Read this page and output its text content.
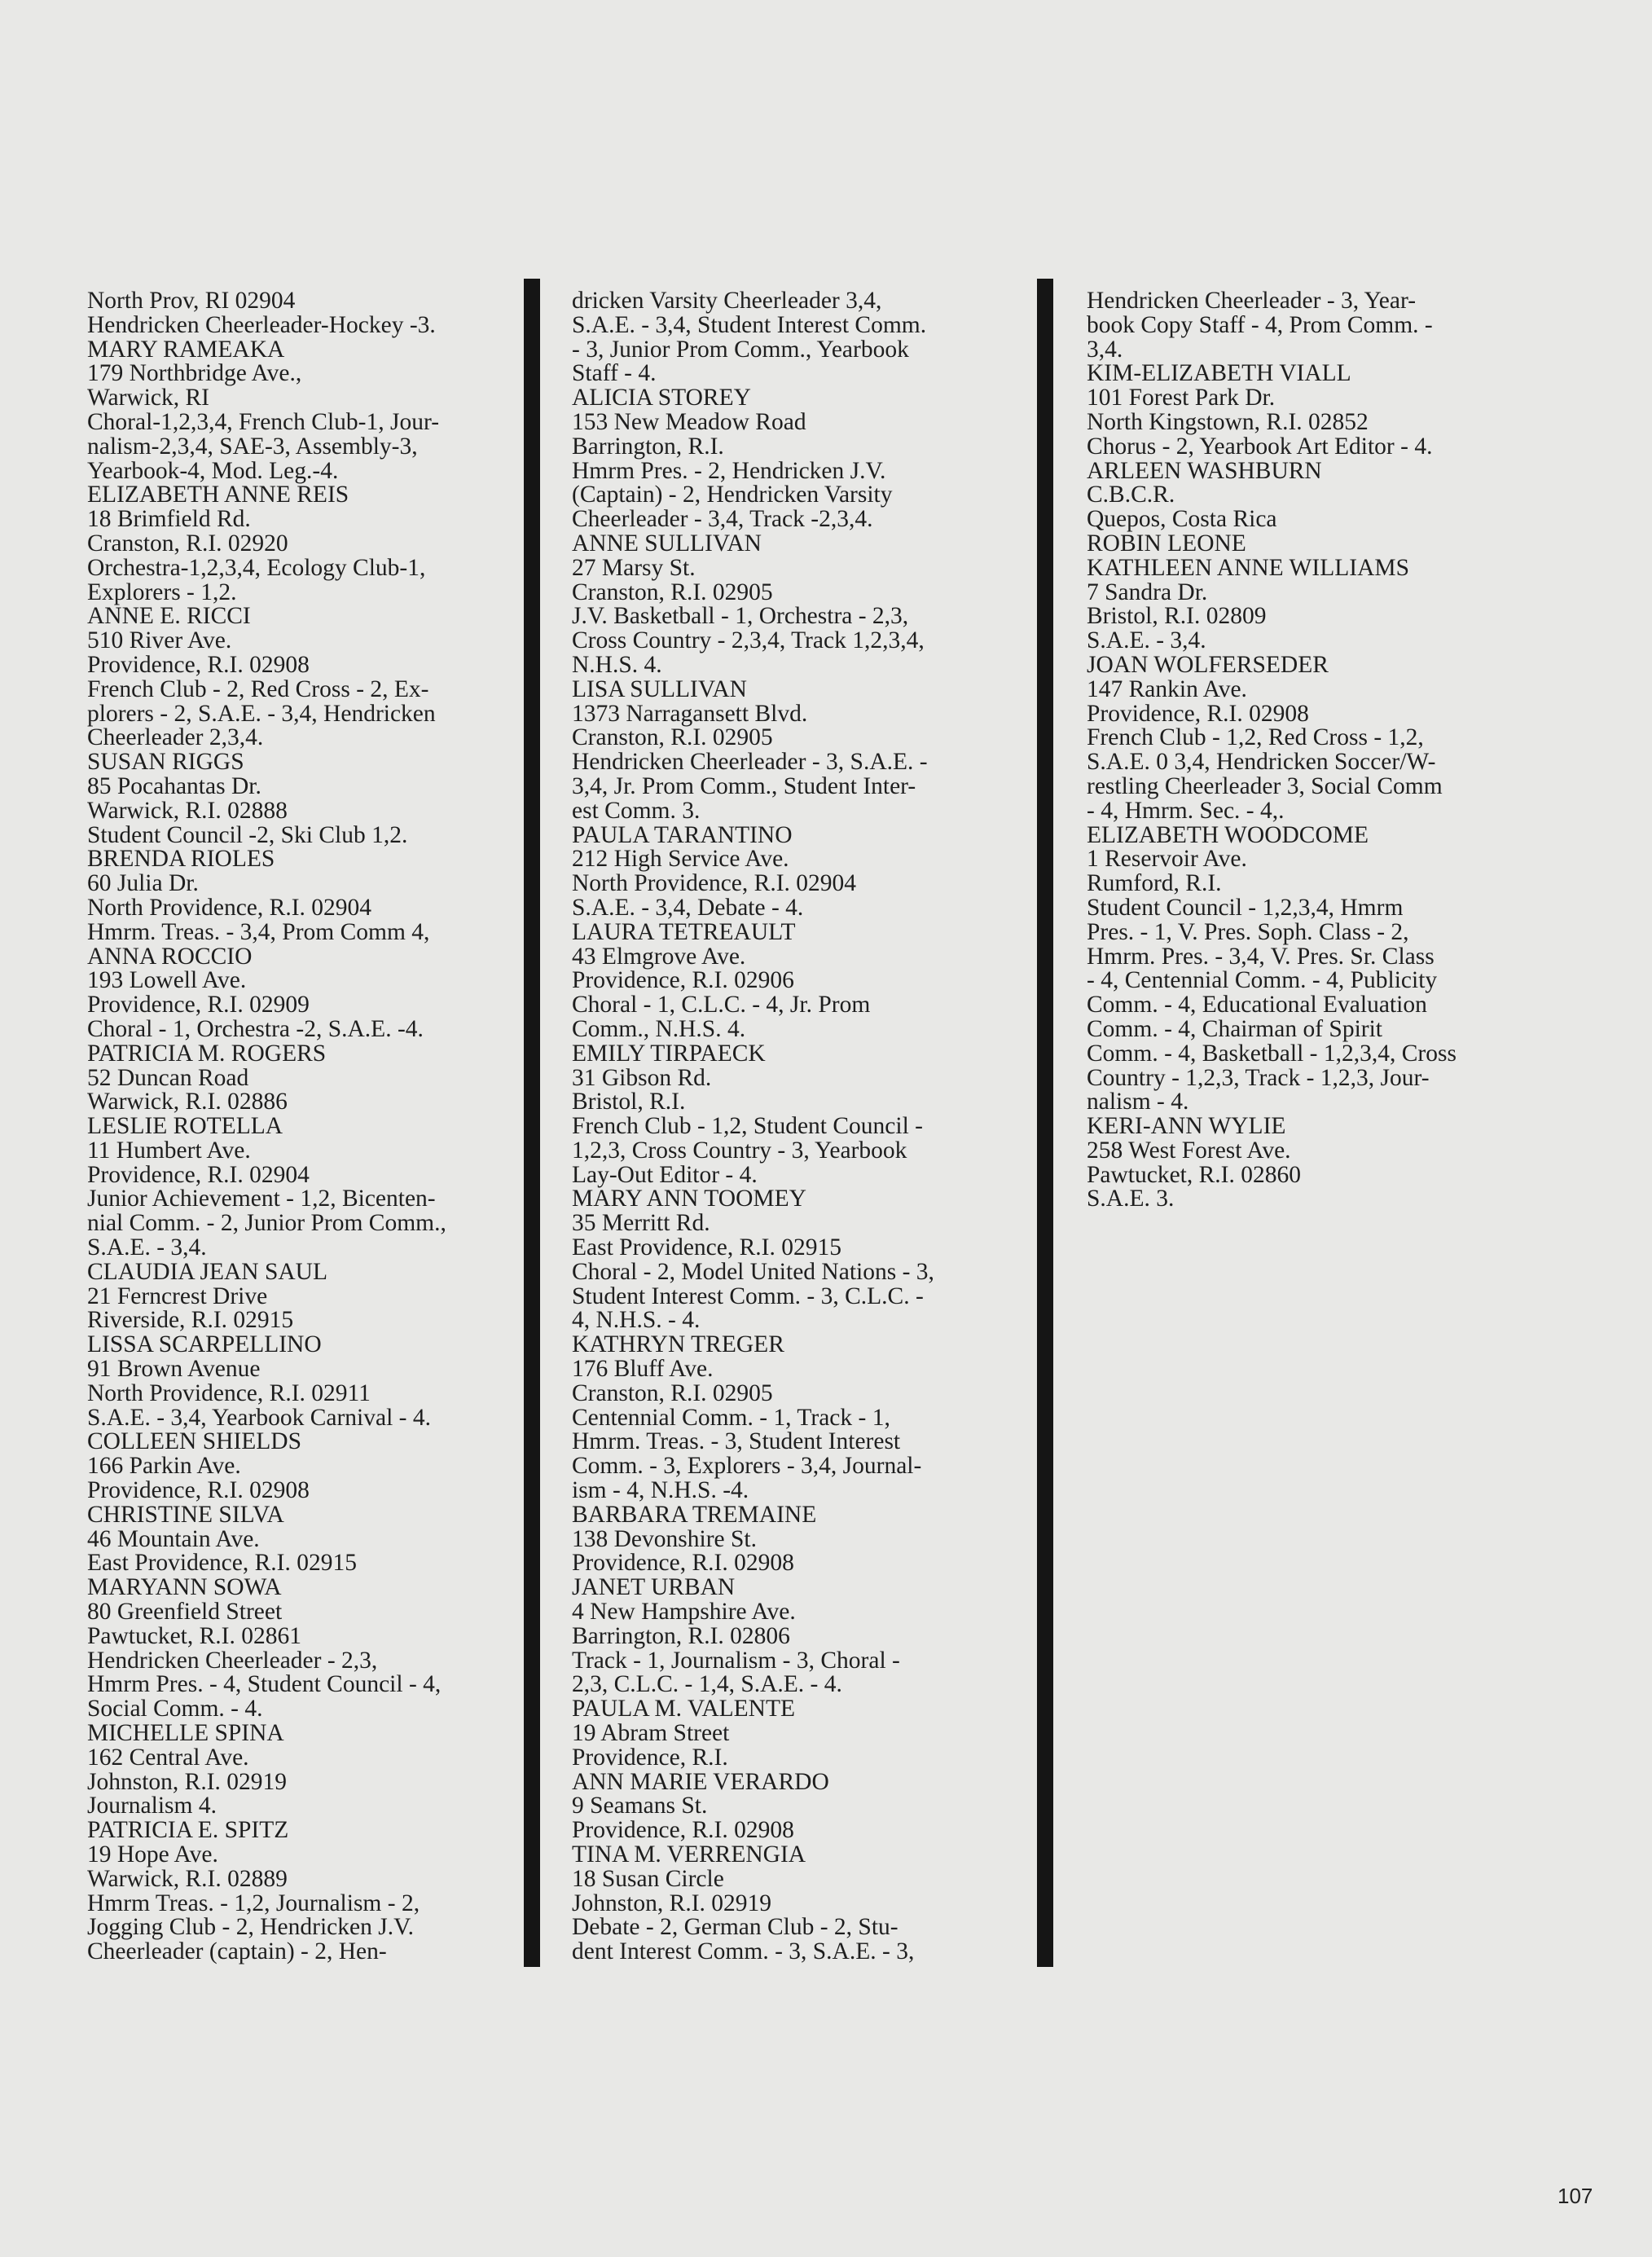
North Prov, RI 02904
Hendricken Cheerleader-Hockey -3.
MARY RAMEAKA
179 Northbridge Ave.,
Warwick, RI
Choral-1,2,3,4, French Club-1, Jour-
nalism-2,3,4, SAE-3, Assembly-3,
Yearbook-4, Mod. Leg.-4.
ELIZABETH ANNE REIS
18 Brimfield Rd.
Cranston, R.I. 02920
Orchestra-1,2,3,4, Ecology Club-1,
Explorers - 1,2.
ANNE E. RICCI
510 River Ave.
Providence, R.I. 02908
French Club - 2, Red Cross - 2, Ex-
plorers - 2, S.A.E. - 3,4, Hendricken
Cheerleader 2,3,4.
SUSAN RIGGS
85 Pocahantas Dr.
Warwick, R.I. 02888
Student Council -2, Ski Club 1,2.
BRENDA RIOLES
60 Julia Dr.
North Providence, R.I. 02904
Hmrm. Treas. - 3,4, Prom Comm 4,
ANNA ROCCIO
193 Lowell Ave.
Providence, R.I. 02909
Choral - 1, Orchestra -2, S.A.E. -4.
PATRICIA M. ROGERS
52 Duncan Road
Warwick, R.I. 02886
LESLIE ROTELLA
11 Humbert Ave.
Providence, R.I. 02904
Junior Achievement - 1,2, Bicenten-
nial Comm. - 2, Junior Prom Comm.,
S.A.E. - 3,4.
CLAUDIA JEAN SAUL
21 Ferncrest Drive
Riverside, R.I. 02915
LISSA SCARPELLINO
91 Brown Avenue
North Providence, R.I. 02911
S.A.E. - 3,4, Yearbook Carnival - 4.
COLLEEN SHIELDS
166 Parkin Ave.
Providence, R.I. 02908
CHRISTINE SILVA
46 Mountain Ave.
East Providence, R.I. 02915
MARYANN SOWA
80 Greenfield Street
Pawtucket, R.I. 02861
Hendricken Cheerleader - 2,3,
Hmrm Pres. - 4, Student Council - 4,
Social Comm. - 4.
MICHELLE SPINA
162 Central Ave.
Johnston, R.I. 02919
Journalism 4.
PATRICIA E. SPITZ
19 Hope Ave.
Warwick, R.I. 02889
Hmrm Treas. - 1,2, Journalism - 2,
Jogging Club - 2, Hendricken J.V.
Cheerleader (captain) - 2, Hen-
dricken Varsity Cheerleader 3,4,
S.A.E. - 3,4, Student Interest Comm.
- 3, Junior Prom Comm., Yearbook
Staff - 4.
ALICIA STOREY
153 New Meadow Road
Barrington, R.I.
Hmrm Pres. - 2, Hendricken J.V.
(Captain) - 2, Hendricken Varsity
Cheerleader - 3,4, Track -2,3,4.
ANNE SULLIVAN
27 Marsy St.
Cranston, R.I. 02905
J.V. Basketball - 1, Orchestra - 2,3,
Cross Country - 2,3,4, Track 1,2,3,4,
N.H.S. 4.
LISA SULLIVAN
1373 Narragansett Blvd.
Cranston, R.I. 02905
Hendricken Cheerleader - 3, S.A.E. -
3,4, Jr. Prom Comm., Student Inter-
est Comm. 3.
PAULA TARANTINO
212 High Service Ave.
North Providence, R.I. 02904
S.A.E. - 3,4, Debate - 4.
LAURA TETREAULT
43 Elmgrove Ave.
Providence, R.I. 02906
Choral - 1, C.L.C. - 4, Jr. Prom
Comm., N.H.S. 4.
EMILY TIRPAECK
31 Gibson Rd.
Bristol, R.I.
French Club - 1,2, Student Council -
1,2,3, Cross Country - 3, Yearbook
Lay-Out Editor - 4.
MARY ANN TOOMEY
35 Merritt Rd.
East Providence, R.I. 02915
Choral - 2, Model United Nations - 3,
Student Interest Comm. - 3, C.L.C. -
4, N.H.S. - 4.
KATHRYN TREGER
176 Bluff Ave.
Cranston, R.I. 02905
Centennial Comm. - 1, Track - 1,
Hmrm. Treas. - 3, Student Interest
Comm. - 3, Explorers - 3,4, Journal-
ism - 4, N.H.S. -4.
BARBARA TREMAINE
138 Devonshire St.
Providence, R.I. 02908
JANET URBAN
4 New Hampshire Ave.
Barrington, R.I. 02806
Track - 1, Journalism - 3, Choral -
2,3, C.L.C. - 1,4, S.A.E. - 4.
PAULA M. VALENTE
19 Abram Street
Providence, R.I.
ANN MARIE VERARDO
9 Seamans St.
Providence, R.I. 02908
TINA M. VERRENGIA
18 Susan Circle
Johnston, R.I. 02919
Debate - 2, German Club - 2, Stu-
dent Interest Comm. - 3, S.A.E. - 3,
Hendricken Cheerleader - 3, Year-
book Copy Staff - 4, Prom Comm. -
3,4.
KIM-ELIZABETH VIALL
101 Forest Park Dr.
North Kingstown, R.I. 02852
Chorus - 2, Yearbook Art Editor - 4.
ARLEEN WASHBURN
C.B.C.R.
Quepos, Costa Rica
ROBIN LEONE
KATHLEEN ANNE WILLIAMS
7 Sandra Dr.
Bristol, R.I. 02809
S.A.E. - 3,4.
JOAN WOLFERSEDER
147 Rankin Ave.
Providence, R.I. 02908
French Club - 1,2, Red Cross - 1,2,
S.A.E. 0 3,4, Hendricken Soccer/W-
restling Cheerleader 3, Social Comm
- 4, Hmrm. Sec. - 4,.
ELIZABETH WOODCOME
1 Reservoir Ave.
Rumford, R.I.
Student Council - 1,2,3,4, Hmrm
Pres. - 1, V. Pres. Soph. Class - 2,
Hmrm. Pres. - 3,4, V. Pres. Sr. Class
- 4, Centennial Comm. - 4, Publicity
Comm. - 4, Educational Evaluation
Comm. - 4, Chairman of Spirit
Comm. - 4, Basketball - 1,2,3,4, Cross
Country - 1,2,3, Track - 1,2,3, Jour-
nalism - 4.
KERI-ANN WYLIE
258 West Forest Ave.
Pawtucket, R.I. 02860
S.A.E. 3.
107
